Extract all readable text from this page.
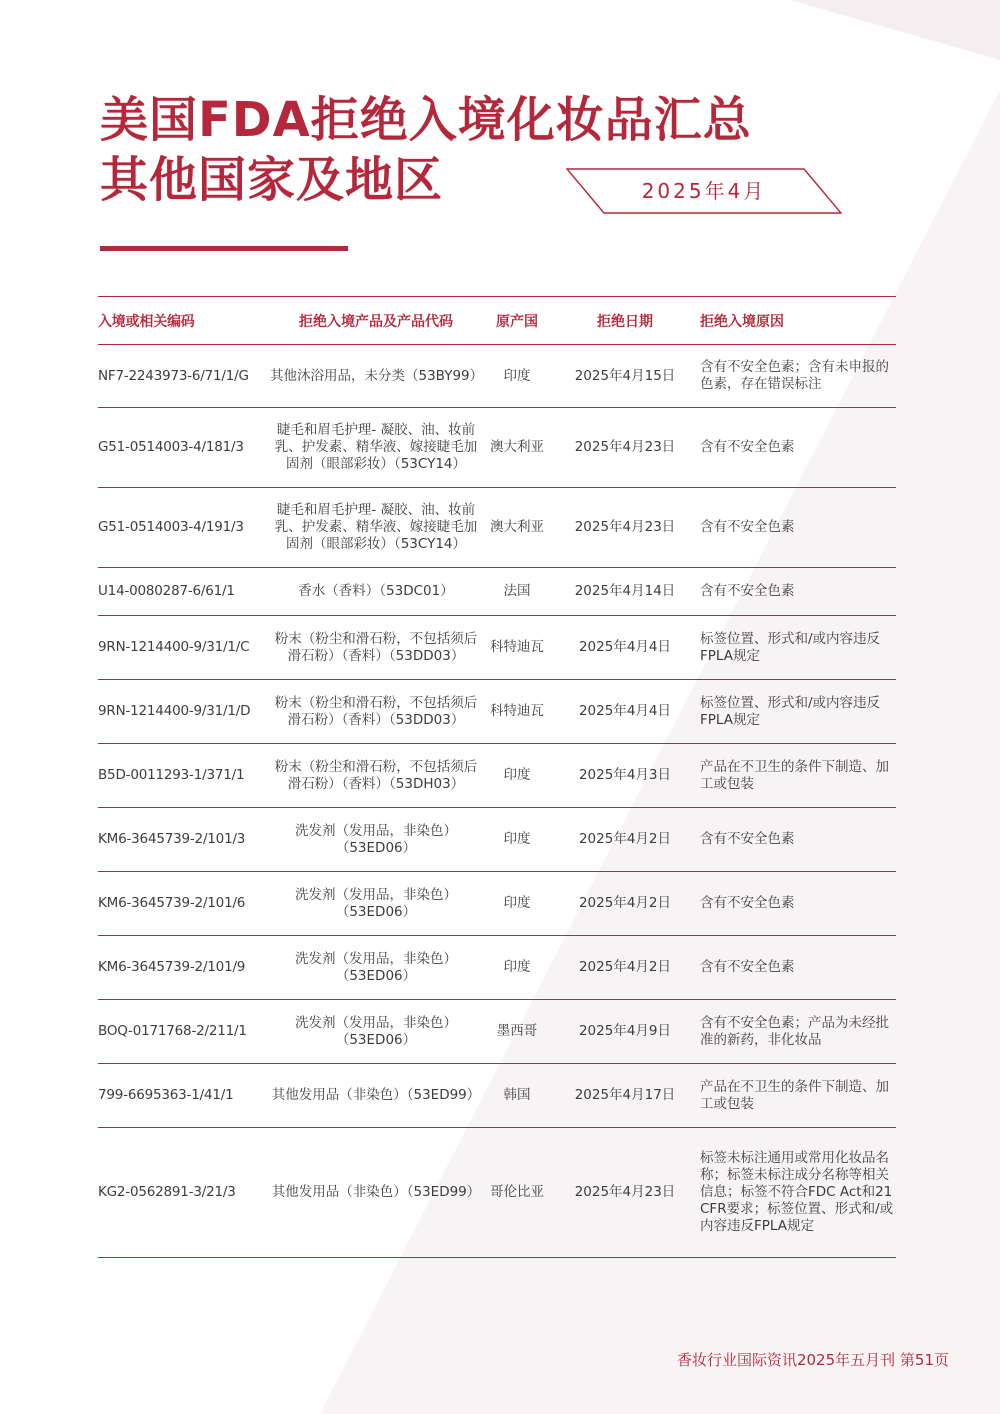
美国FDA拒绝入境化妆品汇总
其他国家及地区	2025年4月
入境或相关编码	拒绝入境产品及产品代码	原产国	拒绝日期	拒绝入境原因
NF7-2243973-6/71/1/G	其他沐浴用品，未分类（53BY99）	印度	2025年4月15日	含有不安全色素；含有未申报的色素，存在错误标注
G51-0514003-4/181/3	睫毛和眉毛护理- 凝胶、油、妆前乳、护发素、精华液、嫁接睫毛加固剂（眼部彩妆）（53CY14）	澳大利亚	2025年4月23日	含有不安全色素
G51-0514003-4/191/3	睫毛和眉毛护理- 凝胶、油、妆前乳、护发素、精华液、嫁接睫毛加固剂（眼部彩妆）（53CY14）	澳大利亚	2025年4月23日	含有不安全色素
U14-0080287-6/61/1	香水（香料）（53DC01）	法国	2025年4月14日	含有不安全色素
9RN-1214400-9/31/1/C	粉末（粉尘和滑石粉，不包括须后滑石粉）（香料）（53DD03）	科特迪瓦	2025年4月4日	标签位置、形式和/或内容违反FPLA规定
9RN-1214400-9/31/1/D	粉末（粉尘和滑石粉，不包括须后滑石粉）（香料）（53DD03）	科特迪瓦	2025年4月4日	标签位置、形式和/或内容违反FPLA规定
B5D-0011293-1/371/1	粉末（粉尘和滑石粉，不包括须后滑石粉）（香料）（53DH03）	印度	2025年4月3日	产品在不卫生的条件下制造、加工或包装
KM6-3645739-2/101/3	洗发剂（发用品，非染色）（53ED06）	印度	2025年4月2日	含有不安全色素
KM6-3645739-2/101/6	洗发剂（发用品，非染色）（53ED06）	印度	2025年4月2日	含有不安全色素
KM6-3645739-2/101/9	洗发剂（发用品，非染色）（53ED06）	印度	2025年4月2日	含有不安全色素
BOQ-0171768-2/211/1	洗发剂（发用品，非染色）（53ED06）	墨西哥	2025年4月9日	含有不安全色素；产品为未经批准的新药，非化妆品
799-6695363-1/41/1	其他发用品（非染色）（53ED99）	韩国	2025年4月17日	产品在不卫生的条件下制造、加工或包装
KG2-0562891-3/21/3	其他发用品（非染色）（53ED99）	哥伦比亚	2025年4月23日	标签未标注通用或常用化妆品名称；标签未标注成分名称等相关信息；标签不符合FDC Act和21 CFR要求；标签位置、形式和/或内容违反FPLA规定
香妆行业国际资讯2025年五月刊 第51页
